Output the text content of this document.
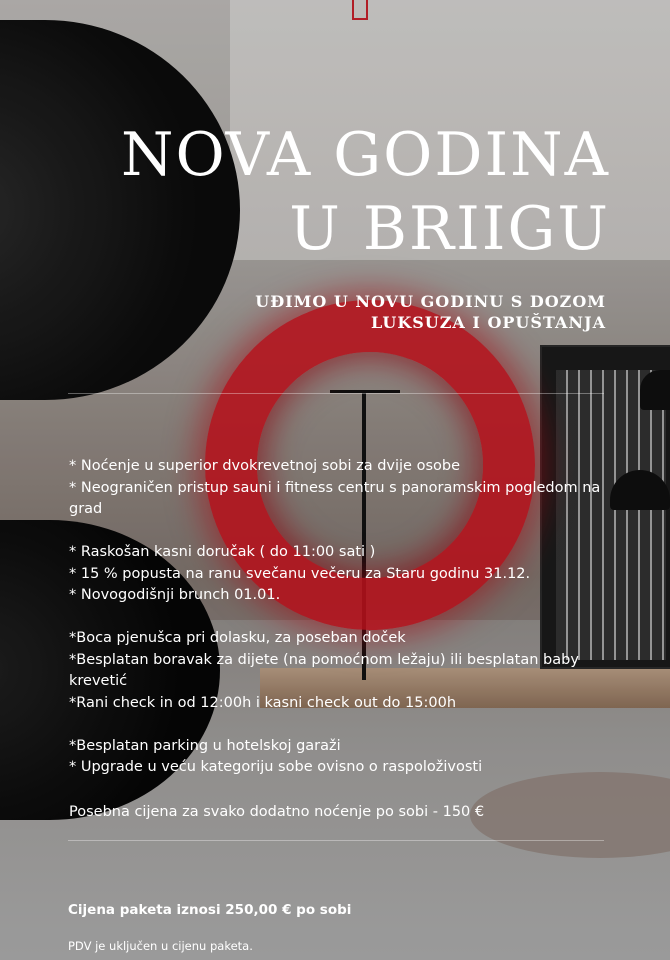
NOVA GODINA
U BRIIGU
UĐIMO U NOVU GODINU S DOZOM
LUKSUZA I OPUŠTANJA

* Noćenje u superior dvokrevetnoj sobi za dvije osobe

* Neograničen pristup sauni i fitness centru s panoramskim pogledom na grad

* Raskošan kasni doručak ( do 11:00 sati )

* 15 % popusta na ranu svečanu večeru za Staru godinu 31.12.

* Novogodišnji brunch 01.01.

*Boca pjenušca pri dolasku, za poseban doček

*Besplatan boravak za dijete (na pomoćnom ležaju) ili besplatan baby krevetić

*Rani check in od 12:00h i kasni check out do 15:00h

*Besplatan parking u hotelskoj garaži

* Upgrade u veću kategoriju sobe ovisno o raspoloživosti

Posebna cijena za svako dodatno noćenje po sobi - 150 €

Cijena paketa iznosi 250,00 € po sobi

PDV je uključen u cijenu paketa.
